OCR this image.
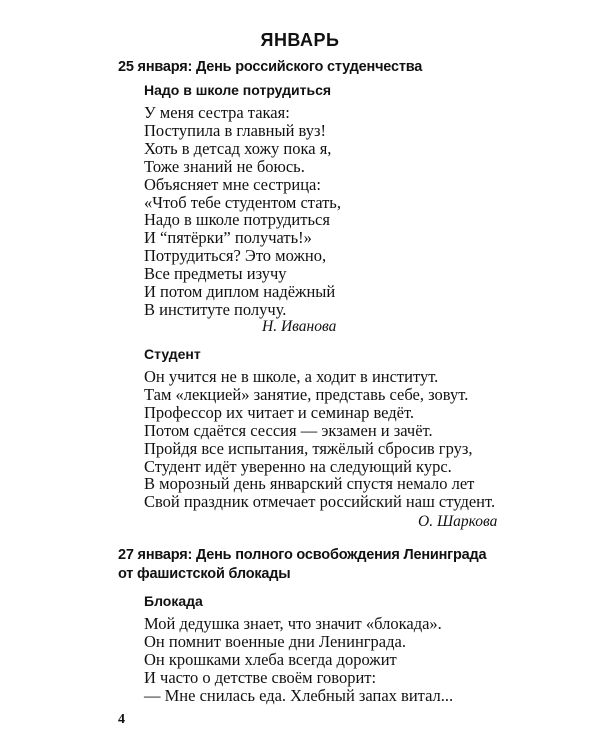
ЯНВАРЬ
25 января: День российского студенчества
Надо в школе потрудиться
У меня сестра такая:
Поступила в главный вуз!
Хоть в детсад хожу пока я,
Тоже знаний не боюсь.
Объясняет мне сестрица:
«Чтоб тебе студентом стать,
Надо в школе потрудиться
И “пятёрки” получать!»
Потрудиться? Это можно,
Все предметы изучу
И потом диплом надёжный
В институте получу.
Н. Иванова
Студент
Он учится не в школе, а ходит в институт.
Там «лекцией» занятие, представь себе, зовут.
Профессор их читает и семинар ведёт.
Потом сдаётся сессия — экзамен и зачёт.
Пройдя все испытания, тяжёлый сбросив груз,
Студент идёт уверенно на следующий курс.
В морозный день январский спустя немало лет
Свой праздник отмечает российский наш студент.
О. Шаркова
27 января: День полного освобождения Ленинграда
от фашистской блокады
Блокада
Мой дедушка знает, что значит «блокада».
Он помнит военные дни Ленинграда.
Он крошками хлеба всегда дорожит
И часто о детстве своём говорит:
— Мне снилась еда. Хлебный запах витал...
4
